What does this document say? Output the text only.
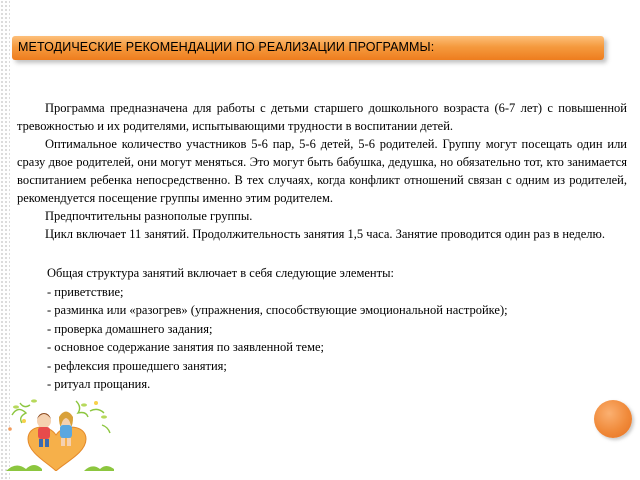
МЕТОДИЧЕСКИЕ РЕКОМЕНДАЦИИ ПО РЕАЛИЗАЦИИ ПРОГРАММЫ:

Программа предназначена для работы с детьми старшего дошкольного возраста (6-7 лет) с повышенной тревожностью и их родителями, испытывающими трудности в воспитании детей.

Оптимальное количество участников 5-6 пар, 5-6 детей, 5-6 родителей. Группу могут посещать один или сразу двое родителей, они могут меняться. Это могут быть бабушка, дедушка, но обязательно тот, кто занимается воспитанием ребенка непосредственно. В тех случаях, когда конфликт отношений связан с одним из родителей, рекомендуется посещение группы именно этим родителем.

Предпочтительны разнополые группы.

Цикл включает 11 занятий. Продолжительность занятия 1,5 часа. Занятие проводится один раз в неделю.

Общая структура занятий включает в себя следующие элементы:

- приветствие;
- разминка или «разогрев» (упражнения, способствующие эмоциональной настройке);
- проверка домашнего задания;
- основное содержание занятия по заявленной теме;
- рефлексия прошедшего занятия;
- ритуал прощания.
